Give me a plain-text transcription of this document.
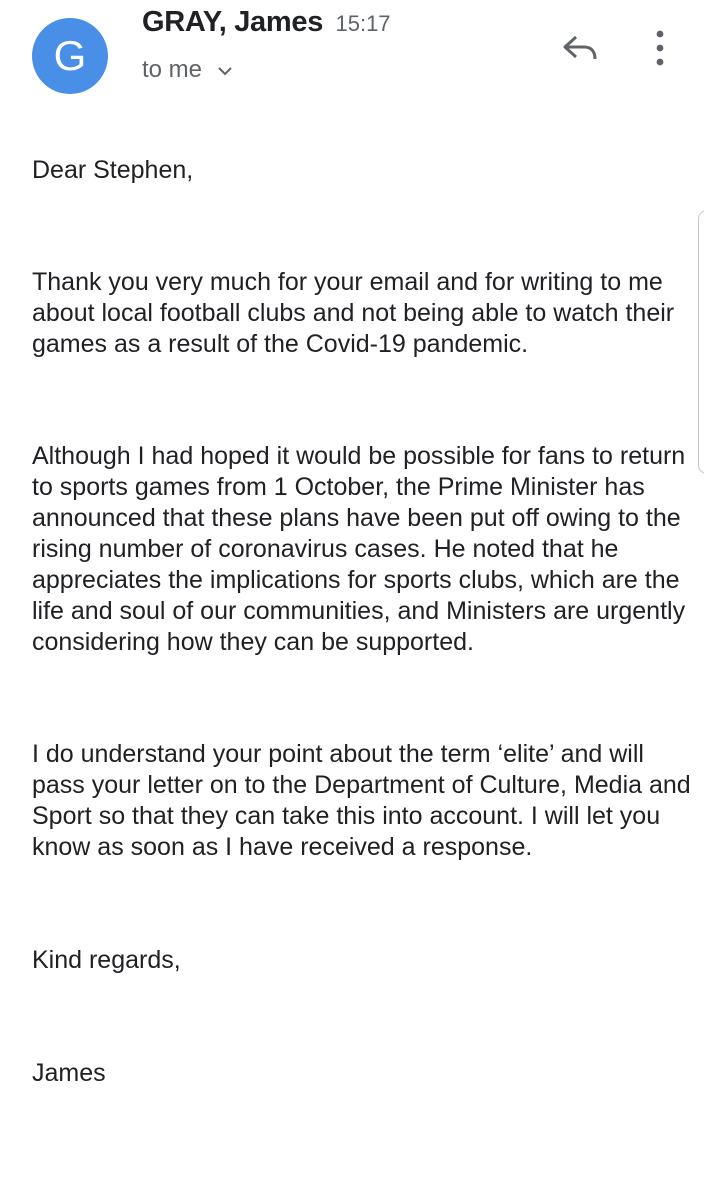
G
GRAY, James 15:17
to me

Dear Stephen,

Thank you very much for your email and for writing to me about local football clubs and not being able to watch their games as a result of the Covid-19 pandemic.

Although I had hoped it would be possible for fans to return to sports games from 1 October, the Prime Minister has announced that these plans have been put off owing to the rising number of coronavirus cases. He noted that he appreciates the implications for sports clubs, which are the life and soul of our communities, and Ministers are urgently considering how they can be supported.

I do understand your point about the term ‘elite’ and will pass your letter on to the Department of Culture, Media and Sport so that they can take this into account. I will let you know as soon as I have received a response.

Kind regards,

James
